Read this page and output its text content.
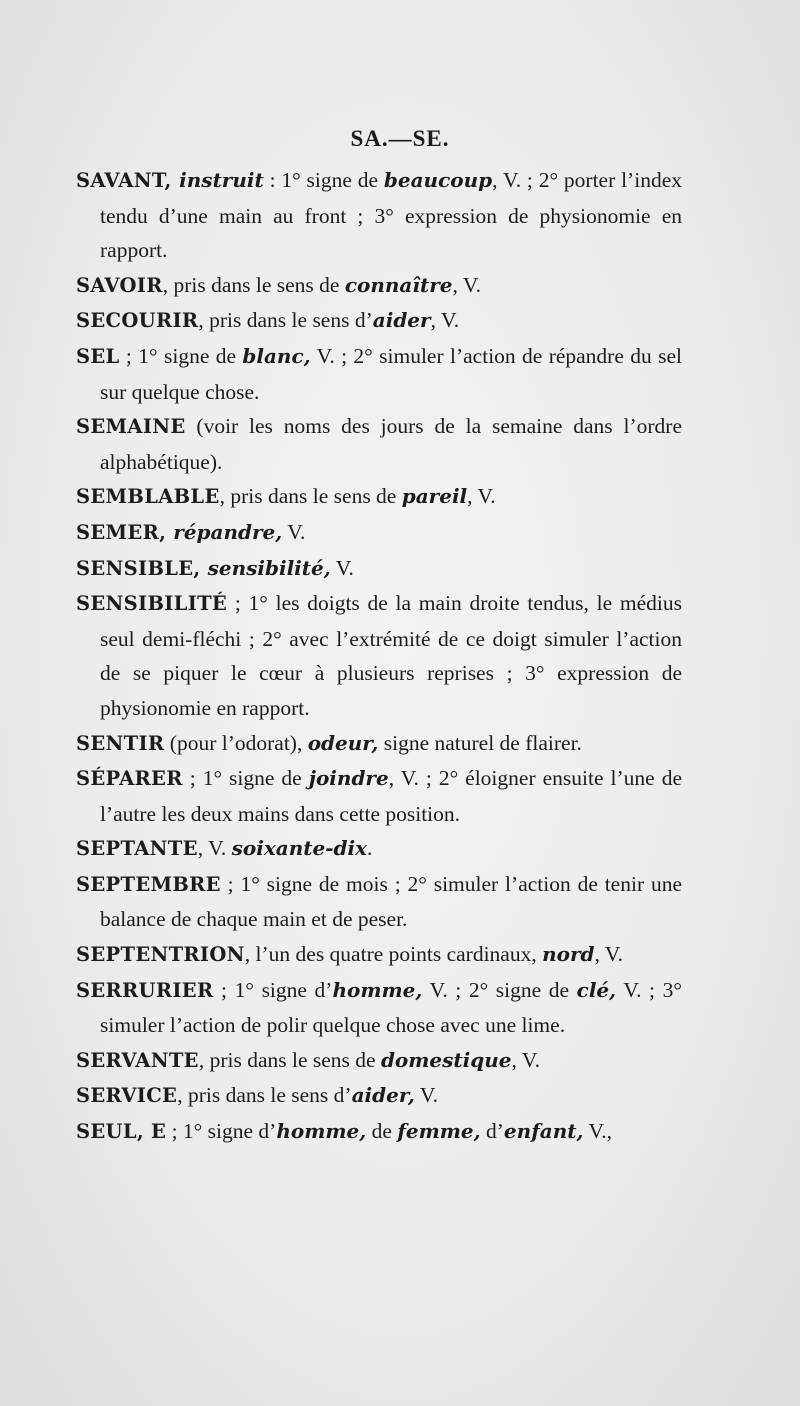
SA.—SE.

SAVANT, instruit : 1° signe de beaucoup, V. ; 2° porter l’index tendu d’une main au front ; 3° expression de physionomie en rapport.

SAVOIR, pris dans le sens de connaître, V.

SECOURIR, pris dans le sens d’aider, V.

SEL ; 1° signe de blanc, V. ; 2° simuler l’action de répandre du sel sur quelque chose.

SEMAINE (voir les noms des jours de la semaine dans l’ordre alphabétique).

SEMBLABLE, pris dans le sens de pareil, V.

SEMER, répandre, V.

SENSIBLE, sensibilité, V.

SENSIBILITÉ ; 1° les doigts de la main droite tendus, le médius seul demi-fléchi ; 2° avec l’extrémité de ce doigt simuler l’action de se piquer le cœur à plusieurs reprises ; 3° expression de physionomie en rapport.

SENTIR (pour l’odorat), odeur, signe naturel de flairer.

SÉPARER ; 1° signe de joindre, V. ; 2° éloigner ensuite l’une de l’autre les deux mains dans cette position.

SEPTANTE, V. soixante-dix.

SEPTEMBRE ; 1° signe de mois ; 2° simuler l’action de tenir une balance de chaque main et de peser.

SEPTENTRION, l’un des quatre points cardinaux, nord, V.

SERRURIER ; 1° signe d’homme, V. ; 2° signe de clé, V. ; 3° simuler l’action de polir quelque chose avec une lime.

SERVANTE, pris dans le sens de domestique, V.

SERVICE, pris dans le sens d’aider, V.

SEUL, E ; 1° signe d’homme, de femme, d’enfant, V.,
